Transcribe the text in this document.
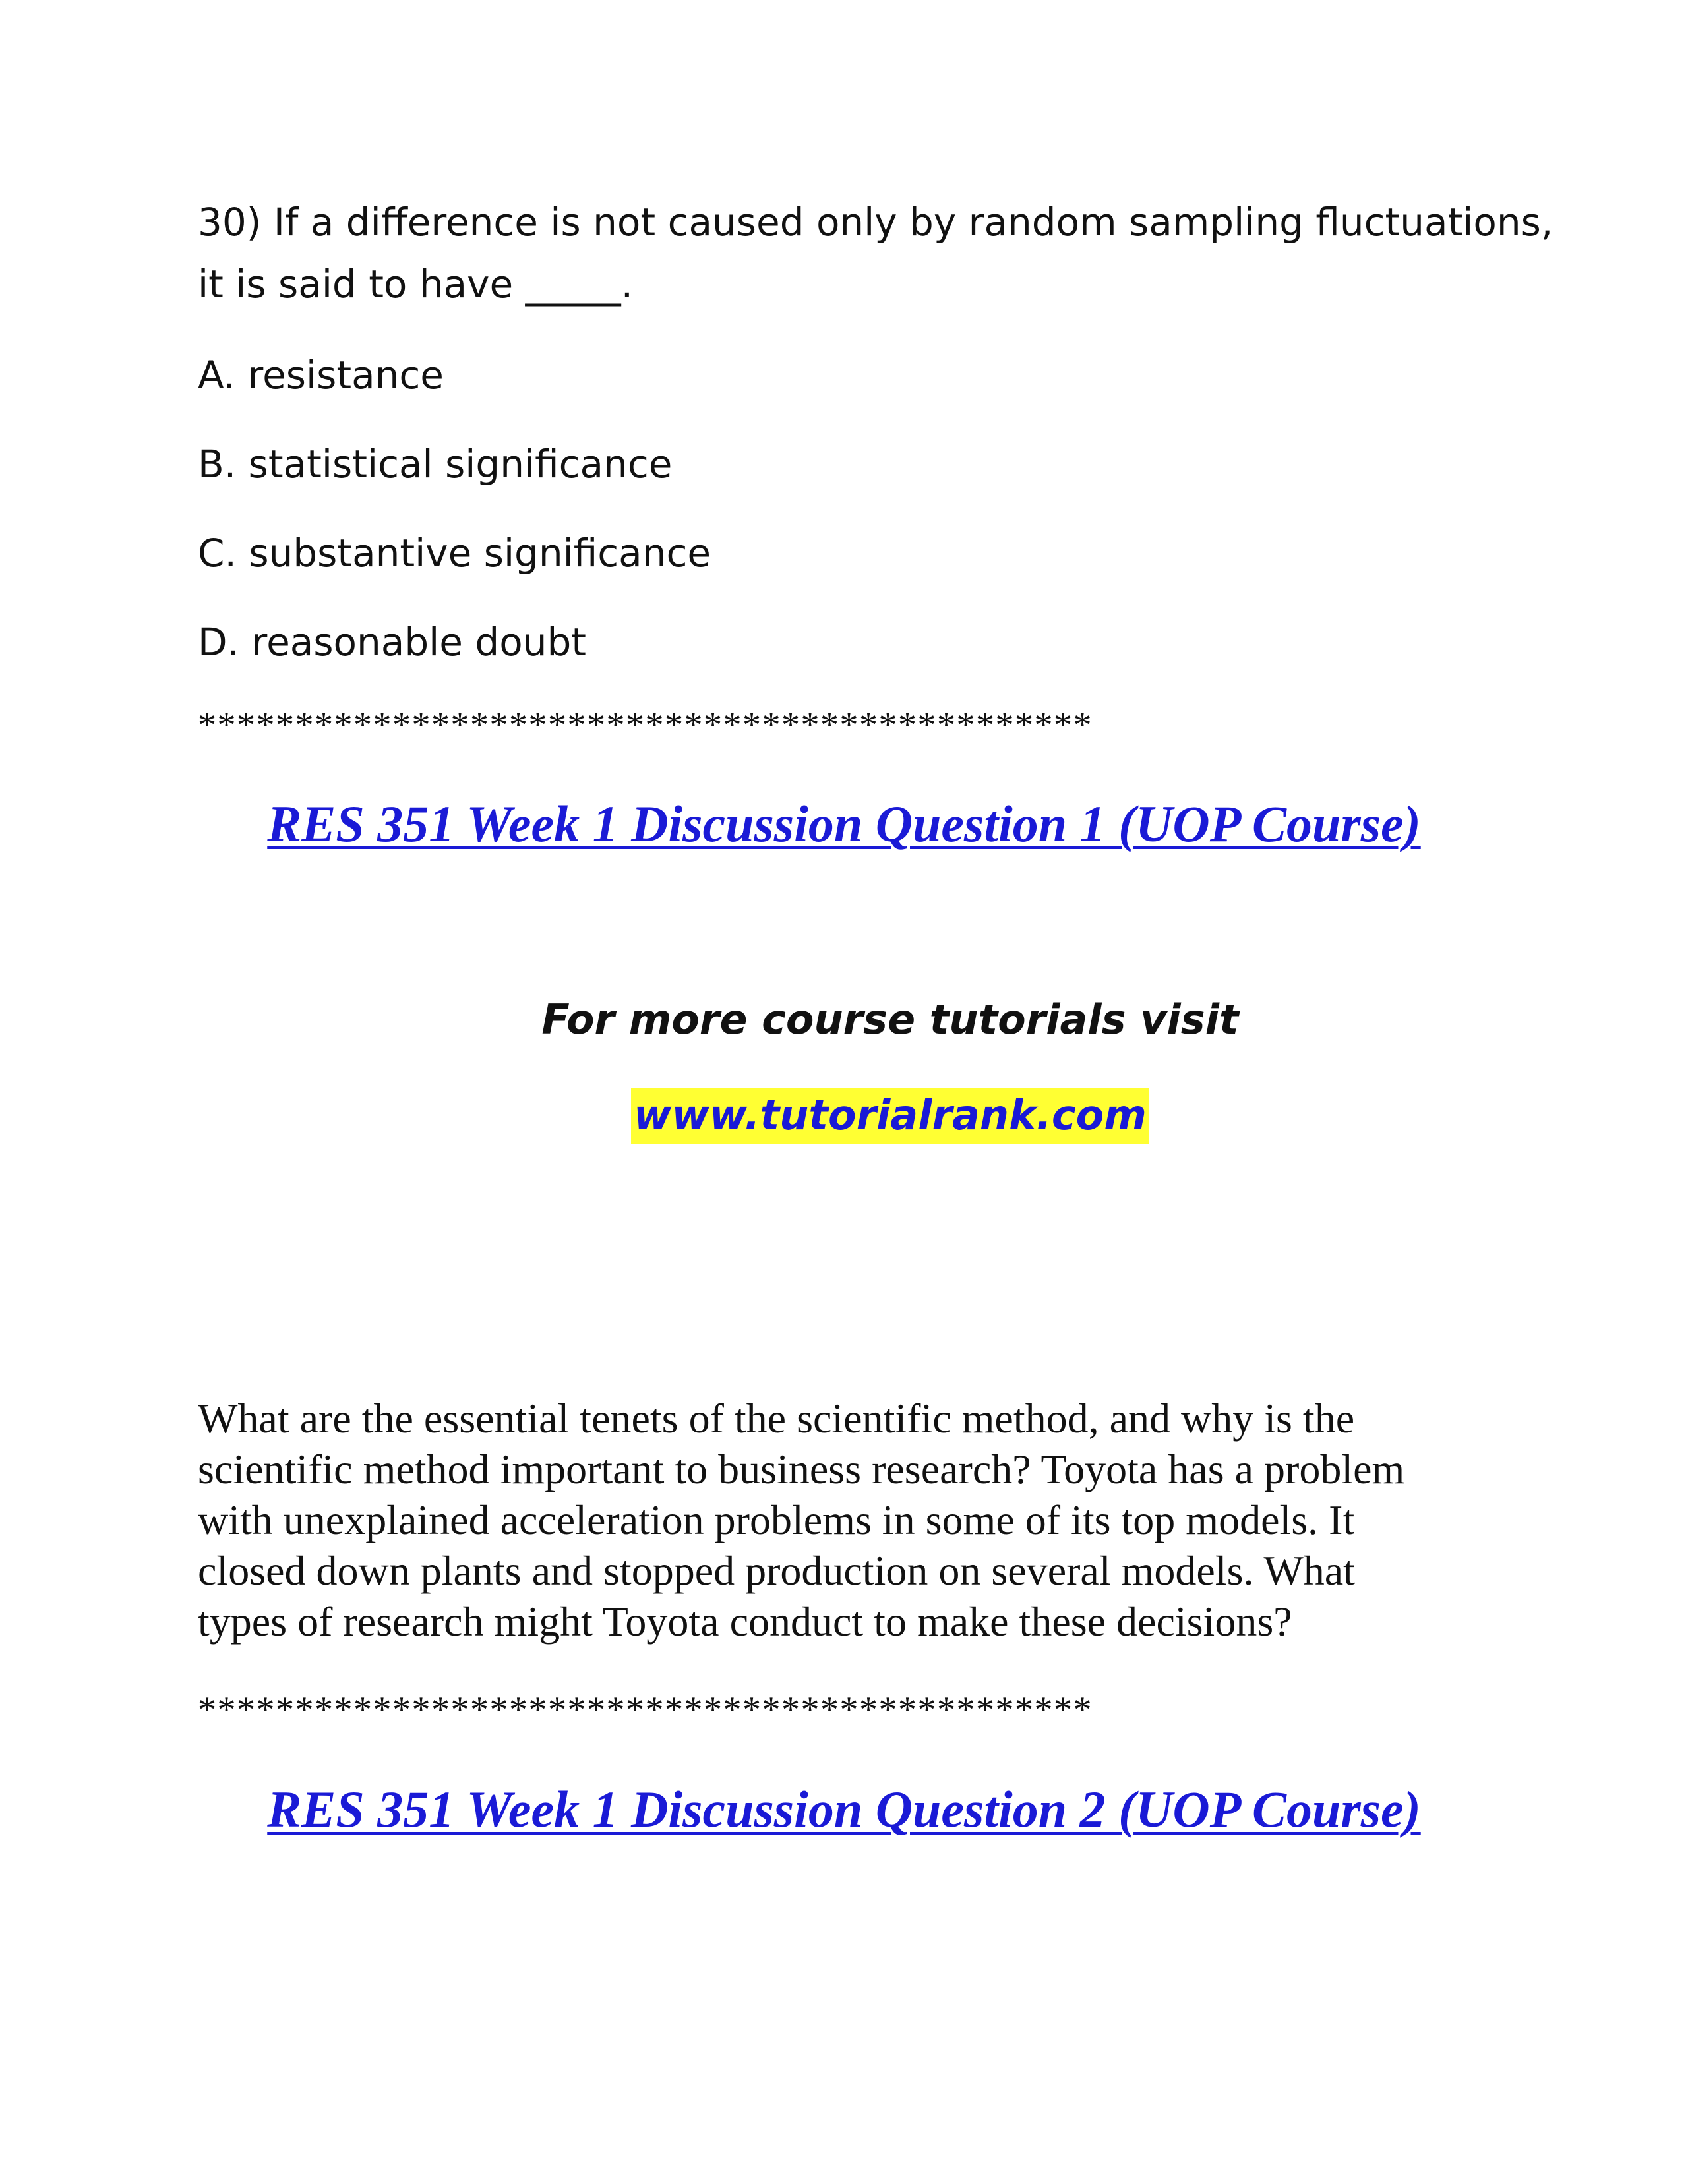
30) If a difference is not caused only by random sampling fluctuations,
it is said to have _____.
A. resistance
B. statistical significance
C. substantive significance
D. reasonable doubt
**********************************************
RES 351 Week 1 Discussion Question 1 (UOP Course)
For more course tutorials visit
www.tutorialrank.com
What are the essential tenets of the scientific method, and why is the
scientific method important to business research? Toyota has a problem
with unexplained acceleration problems in some of its top models. It
closed down plants and stopped production on several models. What
types of research might Toyota conduct to make these decisions?
**********************************************
RES 351 Week 1 Discussion Question 2 (UOP Course)
